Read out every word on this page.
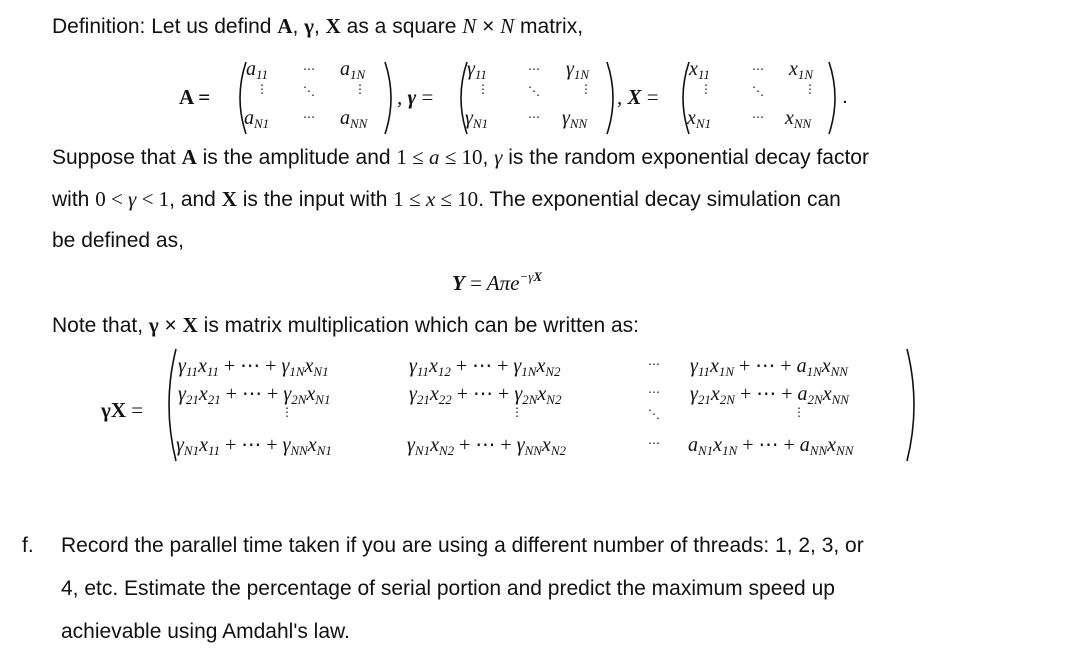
Definition: Let us defind A, γ, X as a square N × N matrix,
A =
$a_{11}$	⋯ $a_{1N}$
⋮	⋱	⋮
$a_{N1}$	⋯ $a_{NN}$
, γ =
$\gamma_{11}$	⋯ $\gamma_{1N}$
⋮	⋱	⋮
$\gamma_{N1}$	⋯ $\gamma_{NN}$
, X =
$x_{11}$	⋯ $x_{1N}$
⋮	⋱	⋮
$x_{N1}$	⋯ $x_{NN}$
.
Suppose that A is the amplitude and 1 ≤ a ≤ 10, γ is the random exponential decay factor
with 0 < γ < 1, and X is the input with 1 ≤ x ≤ 10. The exponential decay simulation can
be defined as,
Y = Aπe$^{-\gamma X}$
Note that, γ × X is matrix multiplication which can be written as:
γX =
$\gamma_{11}x_{11}$ + ⋯ + $\gamma_{1N}x_{N1}$	$\gamma_{11}x_{12}$ + ⋯ + $\gamma_{1N}x_{N2}$	⋯ $\gamma_{11}x_{1N}$ + ⋯ + $a_{1N}x_{NN}$
$\gamma_{21}x_{21}$ + ⋯ + $\gamma_{2N}x_{N1}$	$\gamma_{21}x_{22}$ + ⋯ + $\gamma_{2N}x_{N2}$	⋯ $\gamma_{21}x_{2N}$ + ⋯ + $a_{2N}x_{NN}$
⋮	⋮	⋱	⋮
$\gamma_{N1}x_{11}$ + ⋯ + $\gamma_{NN}x_{N1}$	$\gamma_{N1}x_{N2}$ + ⋯ + $\gamma_{NN}x_{N2}$	⋯ $a_{N1}x_{1N}$ + ⋯ + $a_{NN}x_{NN}$
f. Record the parallel time taken if you are using a different number of threads: 1, 2, 3, or
4, etc. Estimate the percentage of serial portion and predict the maximum speed up
achievable using Amdahl's law.
